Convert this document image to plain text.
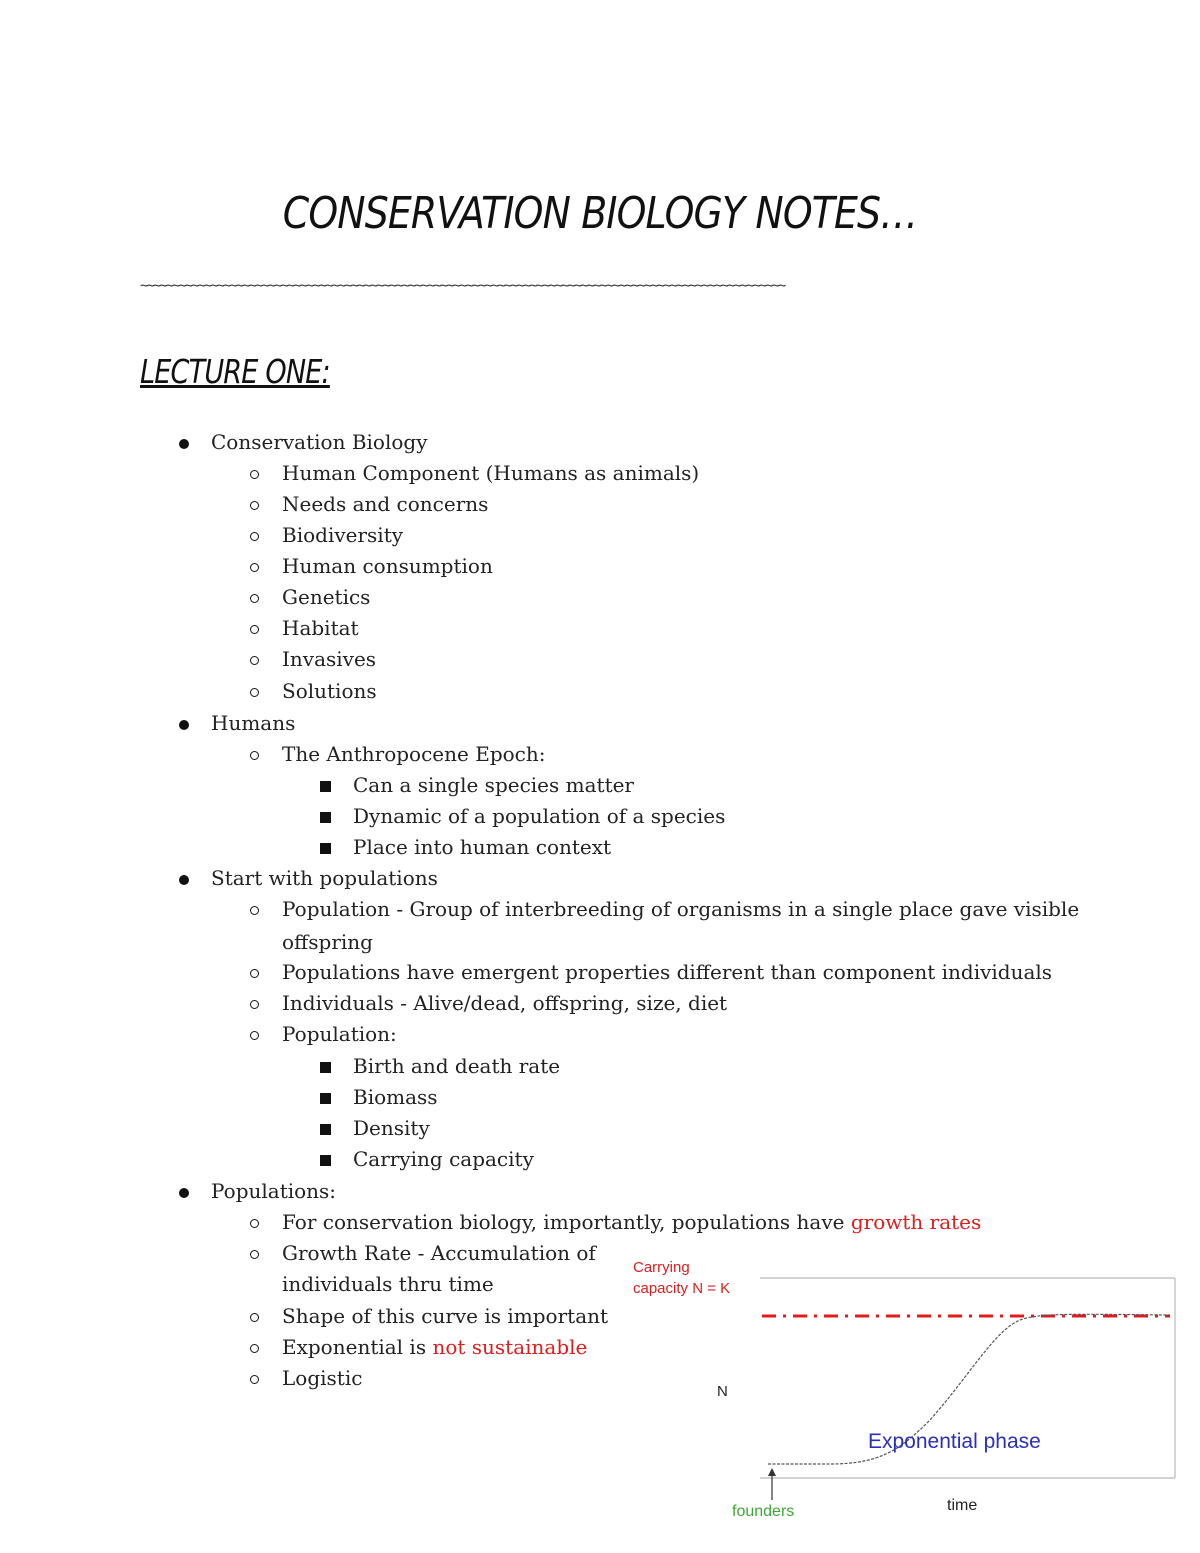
CONSERVATION BIOLOGY NOTES…
~~~~~~~~~~~~~~~~~~~~~~~~~~~~~~~~~~~~~~~~~~~~~~~~~~~~~~~~~~~~~~~~~~~~~~~~~~~~~~~~~~~~~~~~~~~~~~~~~~~~~
LECTURE ONE:
Conservation Biology
Human Component (Humans as animals)
Needs and concerns
Biodiversity
Human consumption
Genetics
Habitat
Invasives
Solutions
Humans
The Anthropocene Epoch:
Can a single species matter
Dynamic of a population of a species
Place into human context
Start with populations
Population - Group of interbreeding of organisms in a single place gave visible
offspring
Populations have emergent properties different than component individuals
Individuals - Alive/dead, offspring, size, diet
Population:
Birth and death rate
Biomass
Density
Carrying capacity
Populations:
For conservation biology, importantly, populations have growth rates
Growth Rate - Accumulation of
individuals thru time
Shape of this curve is important
Exponential is not sustainable
Logistic
Carrying
capacity N = K
N
Exponential phase
founders	time
